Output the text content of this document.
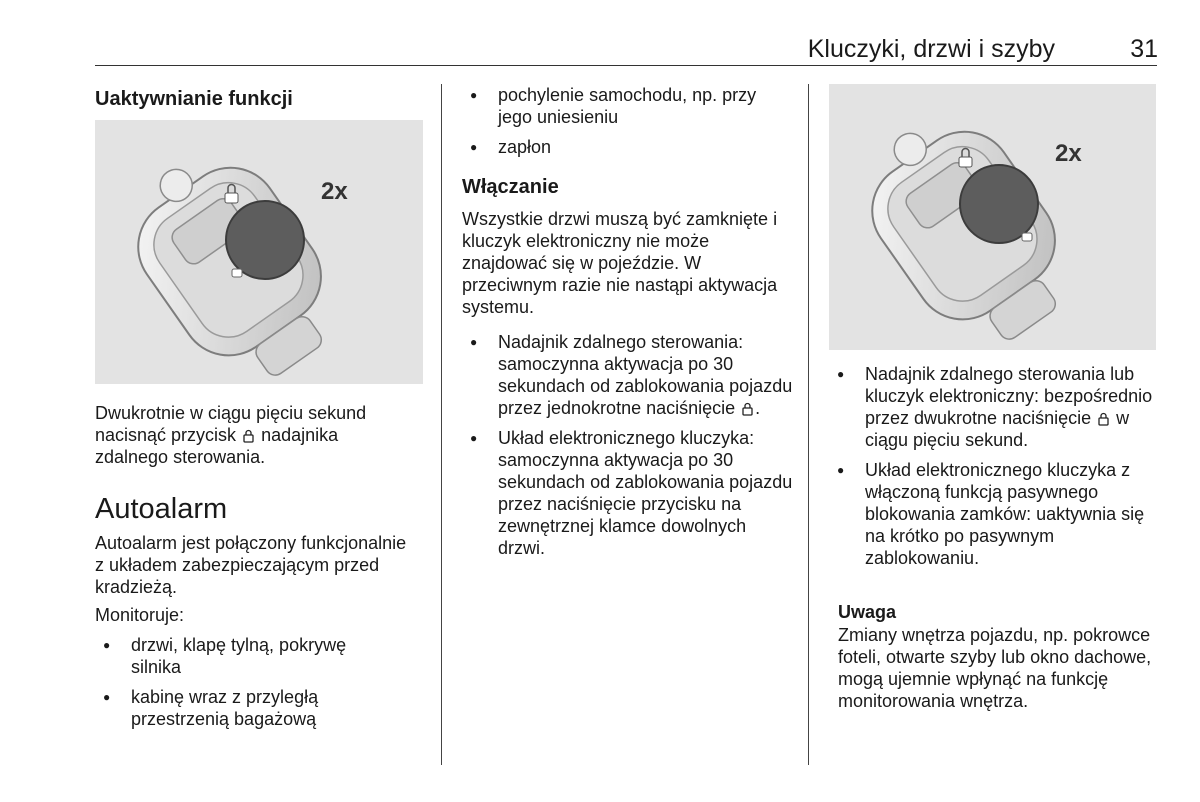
Kluczyki, drzwi i szyby	31
Uaktywnianie funkcji
2x

Dwukrotnie w ciągu pięciu sekund nacisnąć przycisk nadajnika zdalnego sterowania.

Autoalarm

Autoalarm jest połączony funkcjonalnie z układem zabezpieczającym przed kradzieżą.

Monitoruje:

● drzwi, klapę tylną, pokrywę silnika
● kabinę wraz z przyległą przestrzenią bagażową
● pochylenie samochodu, np. przy jego uniesieniu
● zapłon
Włączanie

Wszystkie drzwi muszą być zamknięte i kluczyk elektroniczny nie może znajdować się w pojeździe. W przeciwnym razie nie nastąpi aktywacja systemu.

● Nadajnik zdalnego sterowania: samoczynna aktywacja po 30 sekundach od zablokowania pojazdu przez jednokrotne naciśnięcie .
● Układ elektronicznego kluczyka: samoczynna aktywacja po 30 sekundach od zablokowania pojazdu przez naciśnięcie przycisku na zewnętrznej klamce dowolnych drzwi.
2x
● Nadajnik zdalnego sterowania lub kluczyk elektroniczny: bezpośrednio przez dwukrotne naciśnięcie w ciągu pięciu sekund.
● Układ elektronicznego kluczyka z włączoną funkcją pasywnego blokowania zamków: uaktywnia się na krótko po pasywnym zablokowaniu.
Uwaga

Zmiany wnętrza pojazdu, np. pokrowce foteli, otwarte szyby lub okno dachowe, mogą ujemnie wpłynąć na funkcję monitorowania wnętrza.
